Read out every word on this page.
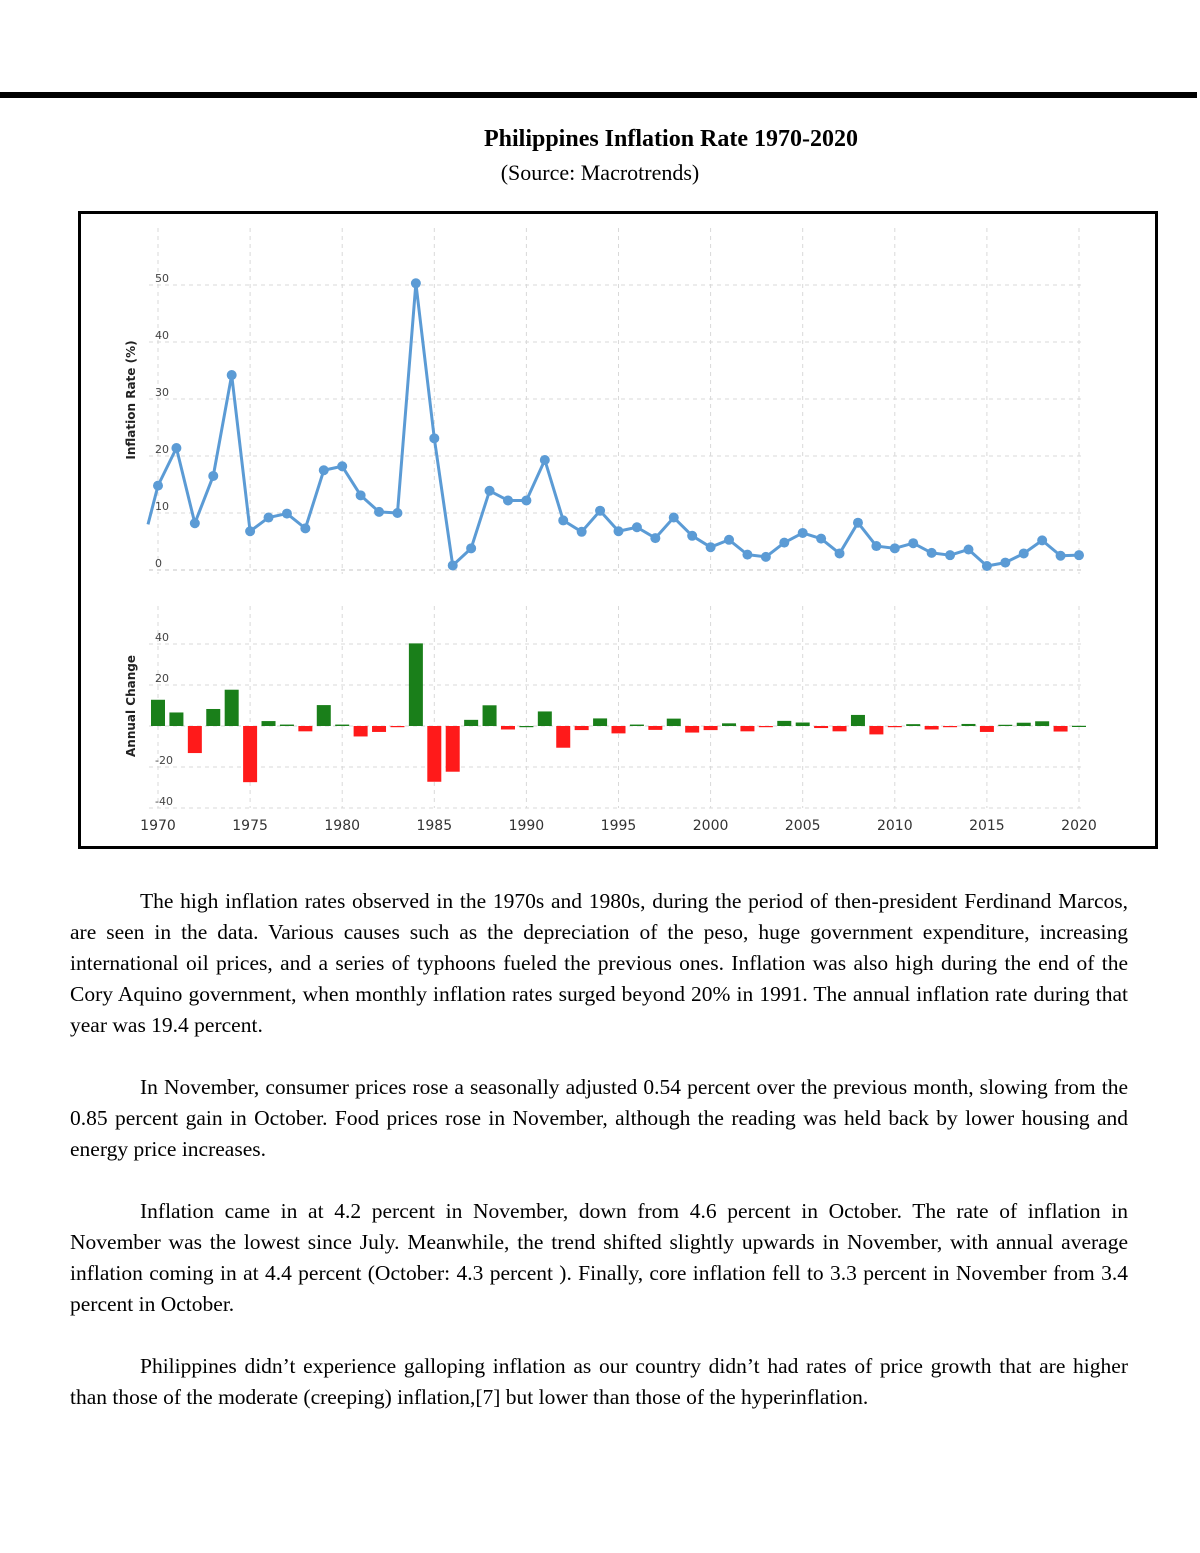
Philippines Inflation Rate 1970-2020
(Source: Macrotrends)
0
10
20
30
40
50
-40
-20
20
40
Inflation Rate (%)
Annual Change
1970	1975	1980	1985	1990	1995	2000	2005	2010	2015	2020

The high inflation rates observed in the 1970s and 1980s, during the period of then-president Ferdinand Marcos, are seen in the data. Various causes such as the depreciation of the peso, huge government expenditure, increasing international oil prices, and a series of typhoons fueled the previous ones. Inflation was also high during the end of the Cory Aquino government, when monthly inflation rates surged beyond 20% in 1991. The annual inflation rate during that year was 19.4 percent.

In November, consumer prices rose a seasonally adjusted 0.54 percent over the previous month, slowing from the 0.85 percent gain in October. Food prices rose in November, although the reading was held back by lower housing and energy price increases.

Inflation came in at 4.2 percent in November, down from 4.6 percent in October. The rate of inflation in November was the lowest since July. Meanwhile, the trend shifted slightly upwards in November, with annual average inflation coming in at 4.4 percent (October: 4.3 percent ). Finally, core inflation fell to 3.3 percent in November from 3.4 percent in October.

Philippines didn’t experience galloping inflation as our country didn’t had rates of price growth that are higher than those of the moderate (creeping) inflation,[7] but lower than those of the hyperinflation.
